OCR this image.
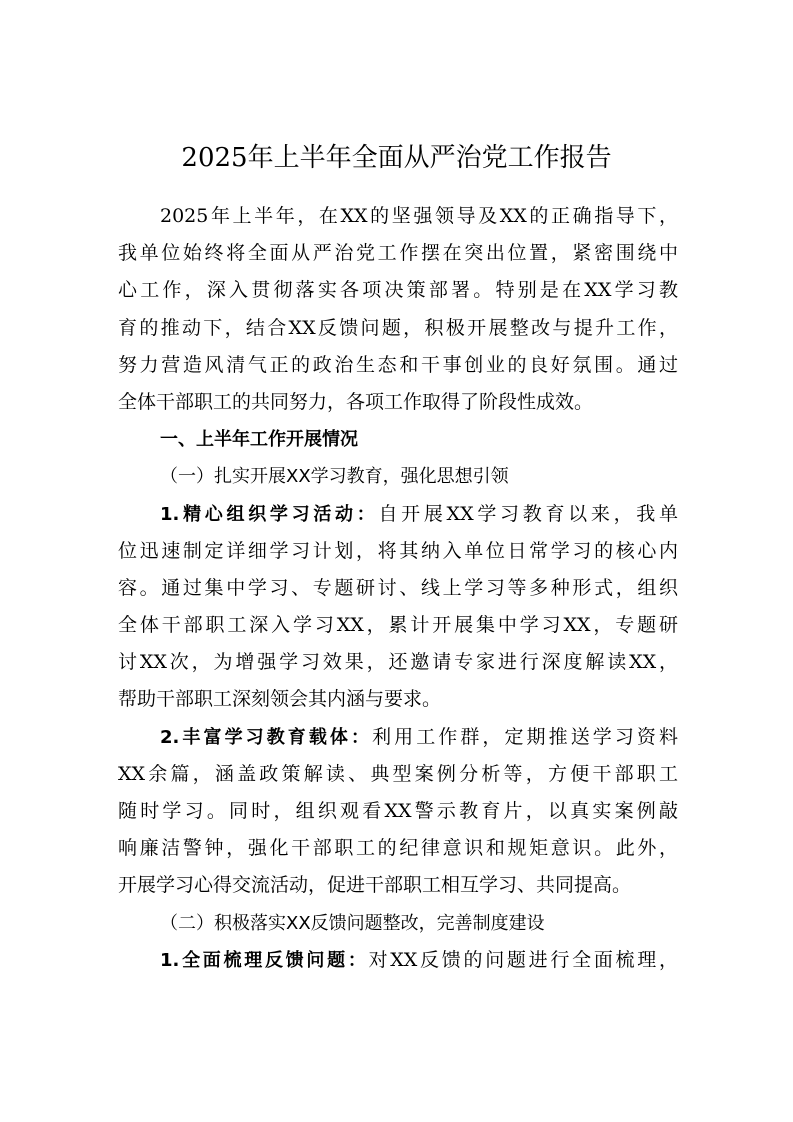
2025年上半年全面从严治党工作报告
2025年上半年，在XX的坚强领导及XX的正确指导下，
我单位始终将全面从严治党工作摆在突出位置，紧密围绕中
心工作，深入贯彻落实各项决策部署。特别是在XX学习教
育的推动下，结合XX反馈问题，积极开展整改与提升工作，
努力营造风清气正的政治生态和干事创业的良好氛围。通过
全体干部职工的共同努力，各项工作取得了阶段性成效。
一、上半年工作开展情况
（一）扎实开展XX学习教育，强化思想引领
1.精心组织学习活动：自开展XX学习教育以来，我单
位迅速制定详细学习计划，将其纳入单位日常学习的核心内
容。通过集中学习、专题研讨、线上学习等多种形式，组织
全体干部职工深入学习XX，累计开展集中学习XX，专题研
讨XX次，为增强学习效果，还邀请专家进行深度解读XX，
帮助干部职工深刻领会其内涵与要求。
2.丰富学习教育载体：利用工作群，定期推送学习资料
XX余篇，涵盖政策解读、典型案例分析等，方便干部职工
随时学习。同时，组织观看XX警示教育片，以真实案例敲
响廉洁警钟，强化干部职工的纪律意识和规矩意识。此外，
开展学习心得交流活动，促进干部职工相互学习、共同提高。
（二）积极落实XX反馈问题整改，完善制度建设
1.全面梳理反馈问题：对XX反馈的问题进行全面梳理，
